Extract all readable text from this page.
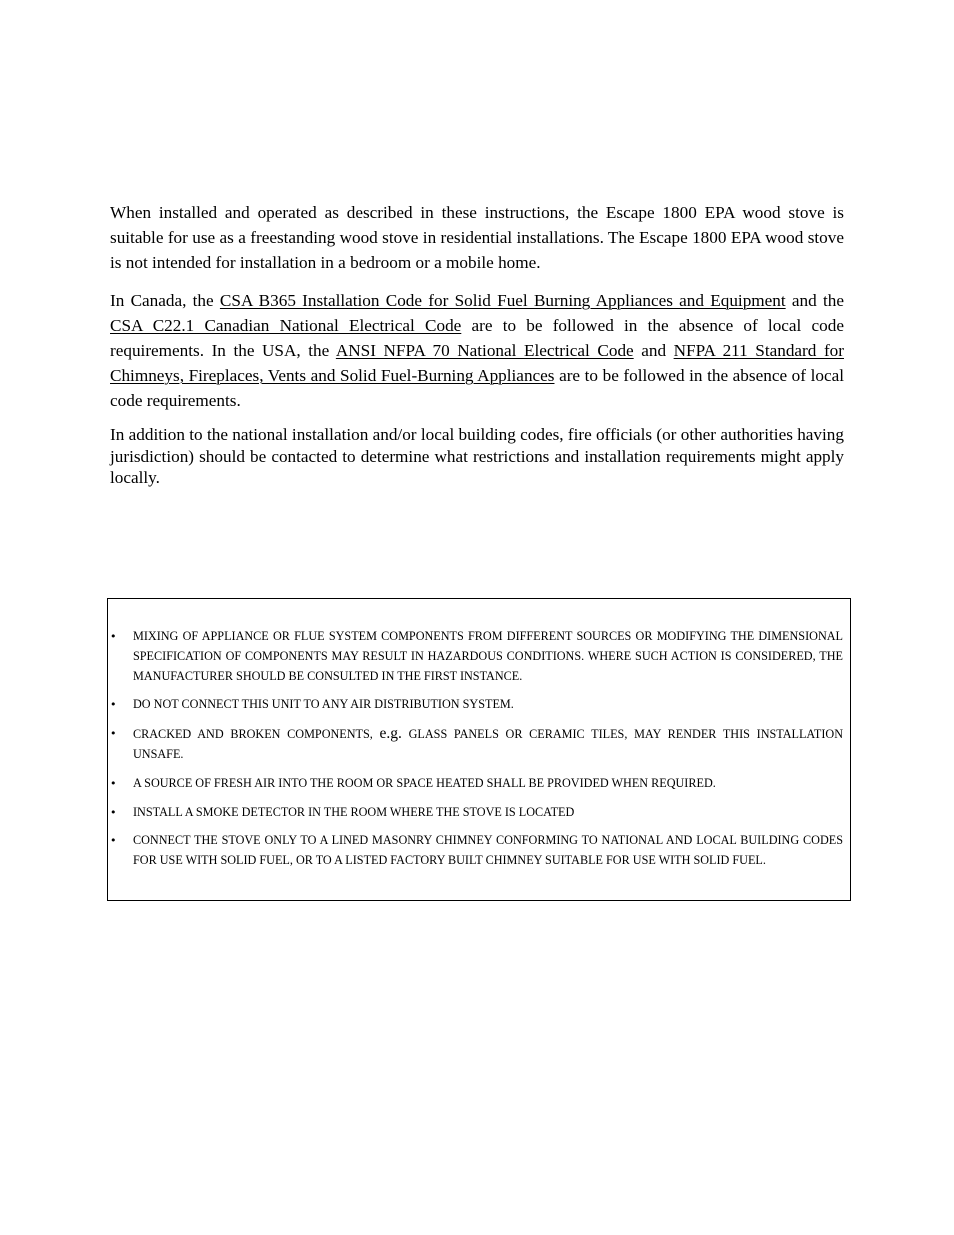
When installed and operated as described in these instructions, the Escape 1800 EPA wood stove is suitable for use as a freestanding wood stove in residential installations. The Escape 1800 EPA wood stove is not intended for installation in a bedroom or a mobile home.

In Canada, the CSA B365 Installation Code for Solid Fuel Burning Appliances and Equipment and the CSA C22.1 Canadian National Electrical Code are to be followed in the absence of local code requirements. In the USA, the ANSI NFPA 70 National Electrical Code and NFPA 211 Standard for Chimneys, Fireplaces, Vents and Solid Fuel-Burning Appliances are to be followed in the absence of local code requirements.

In addition to the national installation and/or local building codes, fire officials (or other authorities having jurisdiction) should be contacted to determine what restrictions and installation requirements might apply locally.

• MIXING OF APPLIANCE OR FLUE SYSTEM COMPONENTS FROM DIFFERENT SOURCES OR MODIFYING THE DIMENSIONAL SPECIFICATION OF COMPONENTS MAY RESULT IN HAZARDOUS CONDITIONS. WHERE SUCH ACTION IS CONSIDERED, THE MANUFACTURER SHOULD BE CONSULTED IN THE FIRST INSTANCE.
• DO NOT CONNECT THIS UNIT TO ANY AIR DISTRIBUTION SYSTEM.
• CRACKED AND BROKEN COMPONENTS, e.g. GLASS PANELS OR CERAMIC TILES, MAY RENDER THIS INSTALLATION UNSAFE.
• A SOURCE OF FRESH AIR INTO THE ROOM OR SPACE HEATED SHALL BE PROVIDED WHEN REQUIRED.
• INSTALL A SMOKE DETECTOR IN THE ROOM WHERE THE STOVE IS LOCATED
• CONNECT THE STOVE ONLY TO A LINED MASONRY CHIMNEY CONFORMING TO NATIONAL AND LOCAL BUILDING CODES FOR USE WITH SOLID FUEL, OR TO A LISTED FACTORY BUILT CHIMNEY SUITABLE FOR USE WITH SOLID FUEL.
